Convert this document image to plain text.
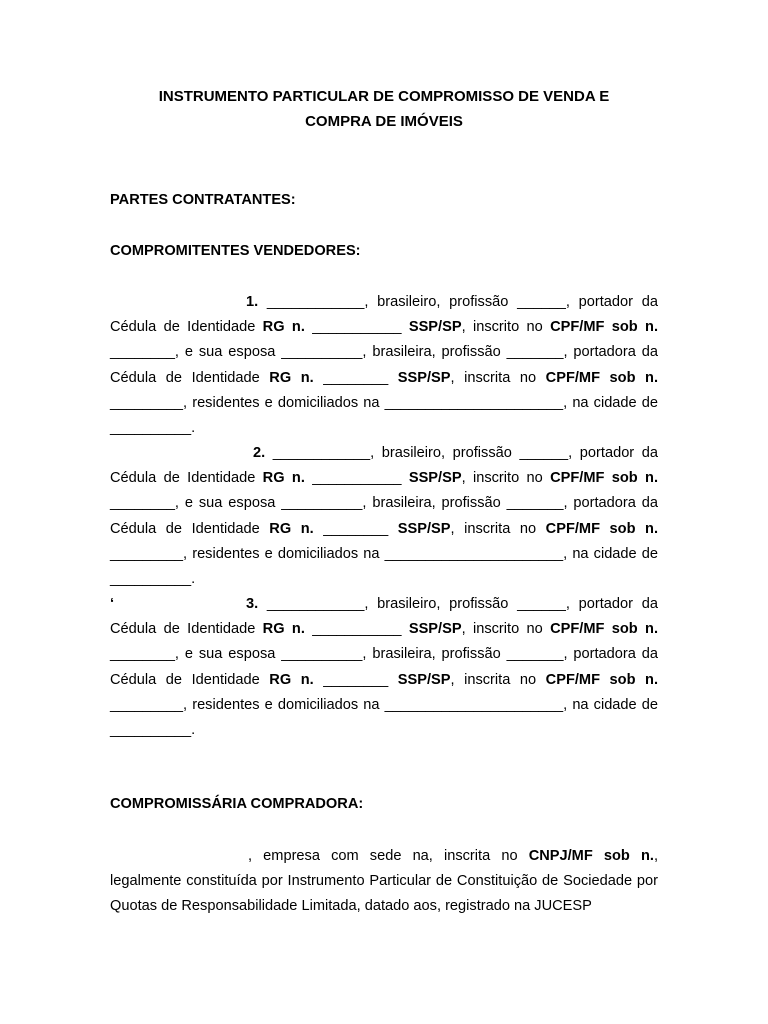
INSTRUMENTO PARTICULAR DE COMPROMISSO DE VENDA E
COMPRA DE IMÓVEIS
PARTES CONTRATANTES:
COMPROMITENTES VENDEDORES:
1. ____________, brasileiro, profissão ______, portador da Cédula de Identidade RG n. ___________ SSP/SP, inscrito no CPF/MF sob n. ________, e sua esposa __________, brasileira, profissão _______, portadora da Cédula de Identidade RG n. ________ SSP/SP, inscrita no CPF/MF sob n. _________, residentes e domiciliados na ______________________, na cidade de __________.
2. ____________, brasileiro, profissão ______, portador da Cédula de Identidade RG n. ___________ SSP/SP, inscrito no CPF/MF sob n. ________, e sua esposa __________, brasileira, profissão _______, portadora da Cédula de Identidade RG n. ________ SSP/SP, inscrita no CPF/MF sob n. _________, residentes e domiciliados na ______________________, na cidade de __________.
‘	3. ____________, brasileiro, profissão ______, portador da Cédula de Identidade RG n. ___________ SSP/SP, inscrito no CPF/MF sob n. ________, e sua esposa __________, brasileira, profissão _______, portadora da Cédula de Identidade RG n. ________ SSP/SP, inscrita no CPF/MF sob n. _________, residentes e domiciliados na ______________________, na cidade de __________.
COMPROMISSÁRIA COMPRADORA:
, empresa com sede na, inscrita no CNPJ/MF sob n., legalmente constituída por Instrumento Particular de Constituição de Sociedade por Quotas de Responsabilidade Limitada, datado aos, registrado na JUCESP
